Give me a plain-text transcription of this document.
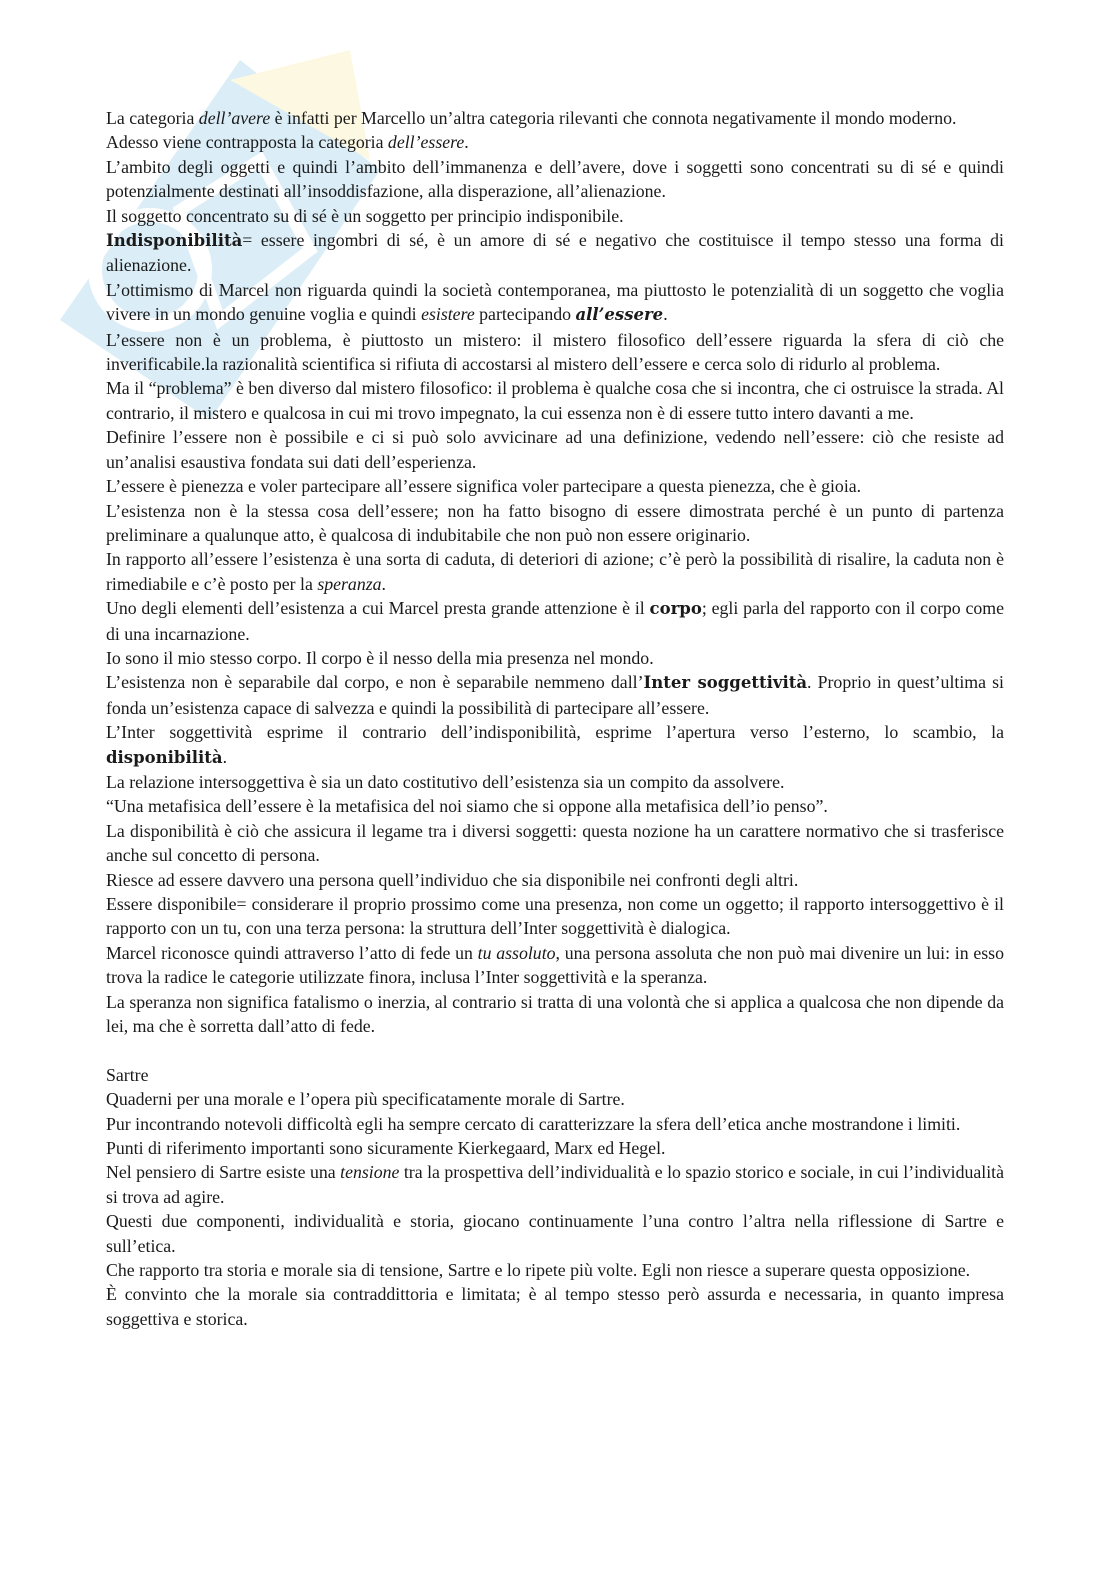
La categoria dell’avere è infatti per Marcello un’altra categoria rilevanti che connota negativamente il mondo moderno.

Adesso viene contrapposta la categoria dell’essere.

L’ambito degli oggetti e quindi l’ambito dell’immanenza e dell’avere, dove i soggetti sono concentrati su di sé e quindi potenzialmente destinati all’insoddisfazione, alla disperazione, all’alienazione.

Il soggetto concentrato su di sé è un soggetto per principio indisponibile.

Indisponibilità= essere ingombri di sé, è un amore di sé e negativo che costituisce il tempo stesso una forma di alienazione.

L’ottimismo di Marcel non riguarda quindi la società contemporanea, ma piuttosto le potenzialità di un soggetto che voglia vivere in un mondo genuine voglia e quindi esistere partecipando all’essere.

L’essere non è un problema, è piuttosto un mistero: il mistero filosofico dell’essere riguarda la sfera di ciò che inverificabile.la razionalità scientifica si rifiuta di accostarsi al mistero dell’essere e cerca solo di ridurlo al problema.

Ma il “problema” è ben diverso dal mistero filosofico: il problema è qualche cosa che si incontra, che ci ostruisce la strada. Al contrario, il mistero e qualcosa in cui mi trovo impegnato, la cui essenza non è di essere tutto intero davanti a me.

Definire l’essere non è possibile e ci si può solo avvicinare ad una definizione, vedendo nell’essere: ciò che resiste ad un’analisi esaustiva fondata sui dati dell’esperienza.

L’essere è pienezza e voler partecipare all’essere significa voler partecipare a questa pienezza, che è gioia.

L’esistenza non è la stessa cosa dell’essere; non ha fatto bisogno di essere dimostrata perché è un punto di partenza preliminare a qualunque atto, è qualcosa di indubitabile che non può non essere originario.

In rapporto all’essere l’esistenza è una sorta di caduta, di deteriori di azione; c’è però la possibilità di risalire, la caduta non è rimediabile e c’è posto per la speranza.

Uno degli elementi dell’esistenza a cui Marcel presta grande attenzione è il corpo; egli parla del rapporto con il corpo come di una incarnazione.

Io sono il mio stesso corpo. Il corpo è il nesso della mia presenza nel mondo.

L’esistenza non è separabile dal corpo, e non è separabile nemmeno dall’Inter soggettività. Proprio in quest’ultima si fonda un’esistenza capace di salvezza e quindi la possibilità di partecipare all’essere.

L’Inter soggettività esprime il contrario dell’indisponibilità, esprime l’apertura verso l’esterno, lo scambio, la disponibilità.

La relazione intersoggettiva è sia un dato costitutivo dell’esistenza sia un compito da assolvere.

“Una metafisica dell’essere è la metafisica del noi siamo che si oppone alla metafisica dell’io penso”.

La disponibilità è ciò che assicura il legame tra i diversi soggetti: questa nozione ha un carattere normativo che si trasferisce anche sul concetto di persona.

Riesce ad essere davvero una persona quell’individuo che sia disponibile nei confronti degli altri.

Essere disponibile= considerare il proprio prossimo come una presenza, non come un oggetto; il rapporto intersoggettivo è il rapporto con un tu, con una terza persona: la struttura dell’Inter soggettività è dialogica.

Marcel riconosce quindi attraverso l’atto di fede un tu assoluto, una persona assoluta che non può mai divenire un lui: in esso trova la radice le categorie utilizzate finora, inclusa l’Inter soggettività e la speranza.

La speranza non significa fatalismo o inerzia, al contrario si tratta di una volontà che si applica a qualcosa che non dipende da lei, ma che è sorretta dall’atto di fede.

Sartre

Quaderni per una morale e l’opera più specificatamente morale di Sartre.

Pur incontrando notevoli difficoltà egli ha sempre cercato di caratterizzare la sfera dell’etica anche mostrandone i limiti.

Punti di riferimento importanti sono sicuramente Kierkegaard, Marx ed Hegel.

Nel pensiero di Sartre esiste una tensione tra la prospettiva dell’individualità e lo spazio storico e sociale, in cui l’individualità si trova ad agire.

Questi due componenti, individualità e storia, giocano continuamente l’una contro l’altra nella riflessione di Sartre e sull’etica.

Che rapporto tra storia e morale sia di tensione, Sartre e lo ripete più volte. Egli non riesce a superare questa opposizione.

È convinto che la morale sia contraddittoria e limitata; è al tempo stesso però assurda e necessaria, in quanto impresa soggettiva e storica.
